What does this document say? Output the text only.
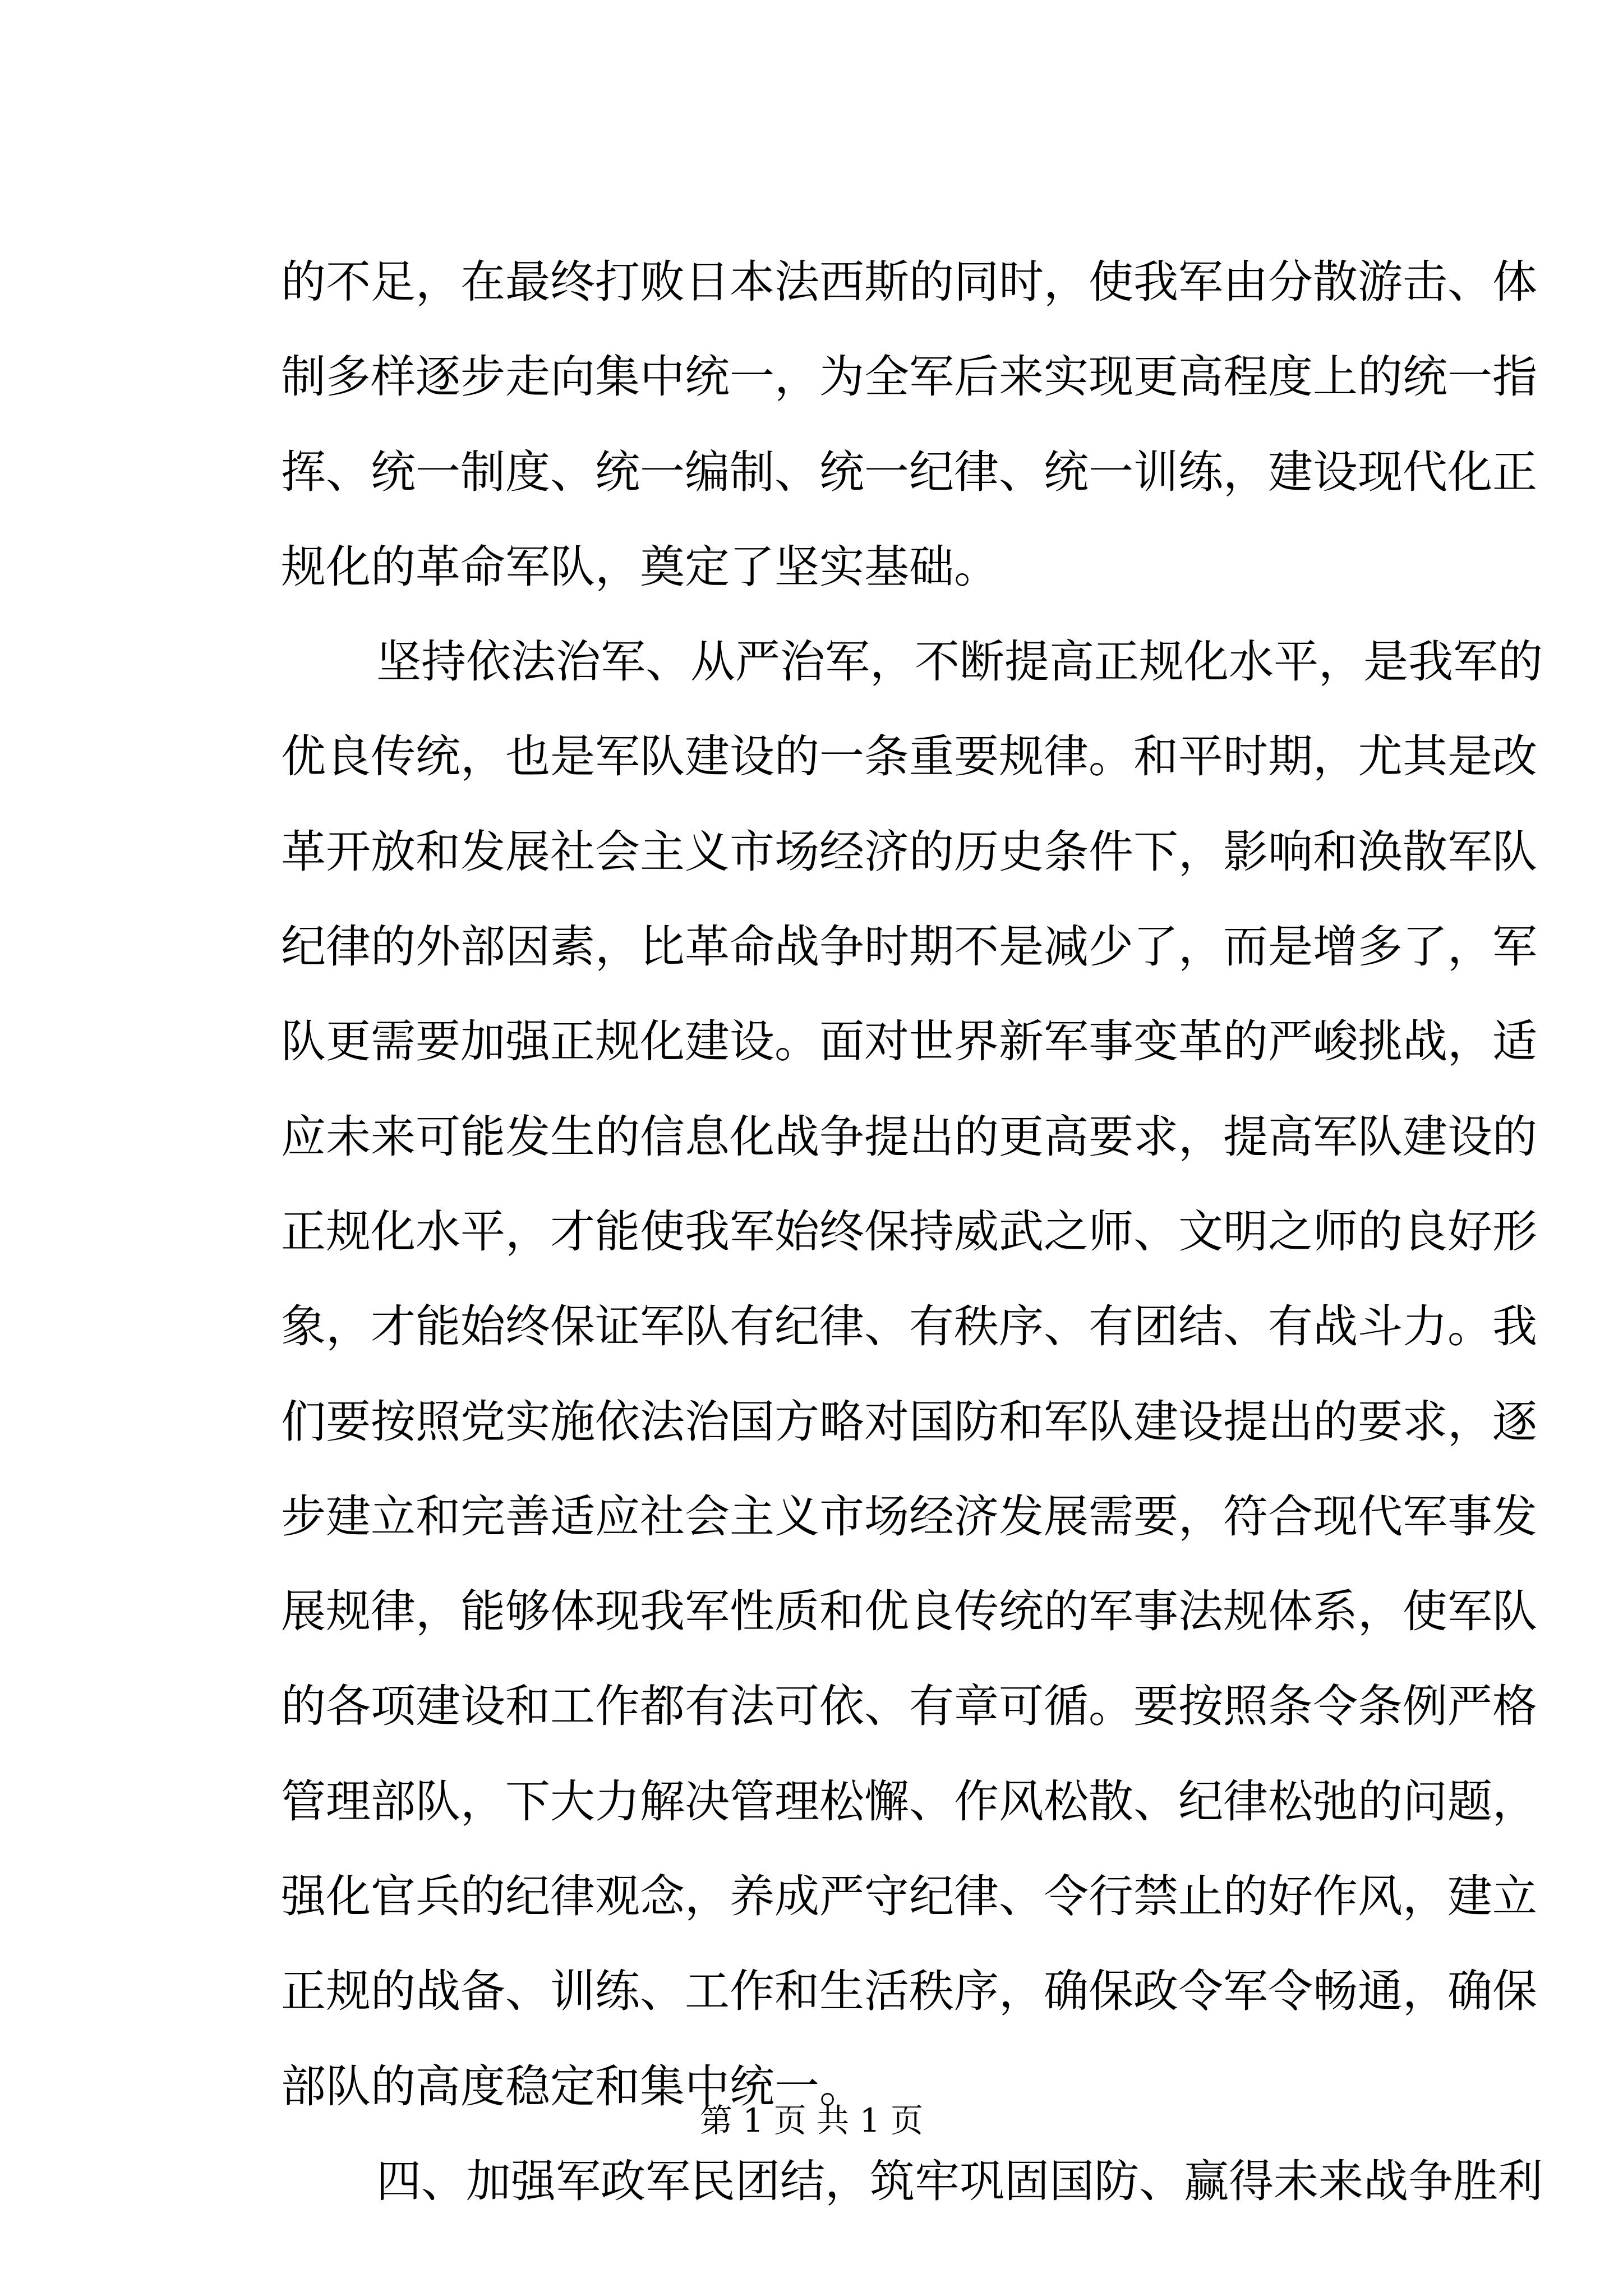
的不足，在最终打败日本法西斯的同时，使我军由分散游击、体
制多样逐步走向集中统一，为全军后来实现更高程度上的统一指
挥、统一制度、统一编制、统一纪律、统一训练，建设现代化正
规化的革命军队，奠定了坚实基础。
坚持依法治军、从严治军，不断提高正规化水平，是我军的
优良传统，也是军队建设的一条重要规律。和平时期，尤其是改
革开放和发展社会主义市场经济的历史条件下，影响和涣散军队
纪律的外部因素，比革命战争时期不是减少了，而是增多了，军
队更需要加强正规化建设。面对世界新军事变革的严峻挑战，适
应未来可能发生的信息化战争提出的更高要求，提高军队建设的
正规化水平，才能使我军始终保持威武之师、文明之师的良好形
象，才能始终保证军队有纪律、有秩序、有团结、有战斗力。我
们要按照党实施依法治国方略对国防和军队建设提出的要求，逐
步建立和完善适应社会主义市场经济发展需要，符合现代军事发
展规律，能够体现我军性质和优良传统的军事法规体系，使军队
的各项建设和工作都有法可依、有章可循。要按照条令条例严格
管理部队，下大力解决管理松懈、作风松散、纪律松弛的问题，
强化官兵的纪律观念，养成严守纪律、令行禁止的好作风，建立
正规的战备、训练、工作和生活秩序，确保政令军令畅通，确保
部队的高度稳定和集中统一。
四、加强军政军民团结，筑牢巩固国防、赢得未来战争胜利
第 1 页 共 1 页
